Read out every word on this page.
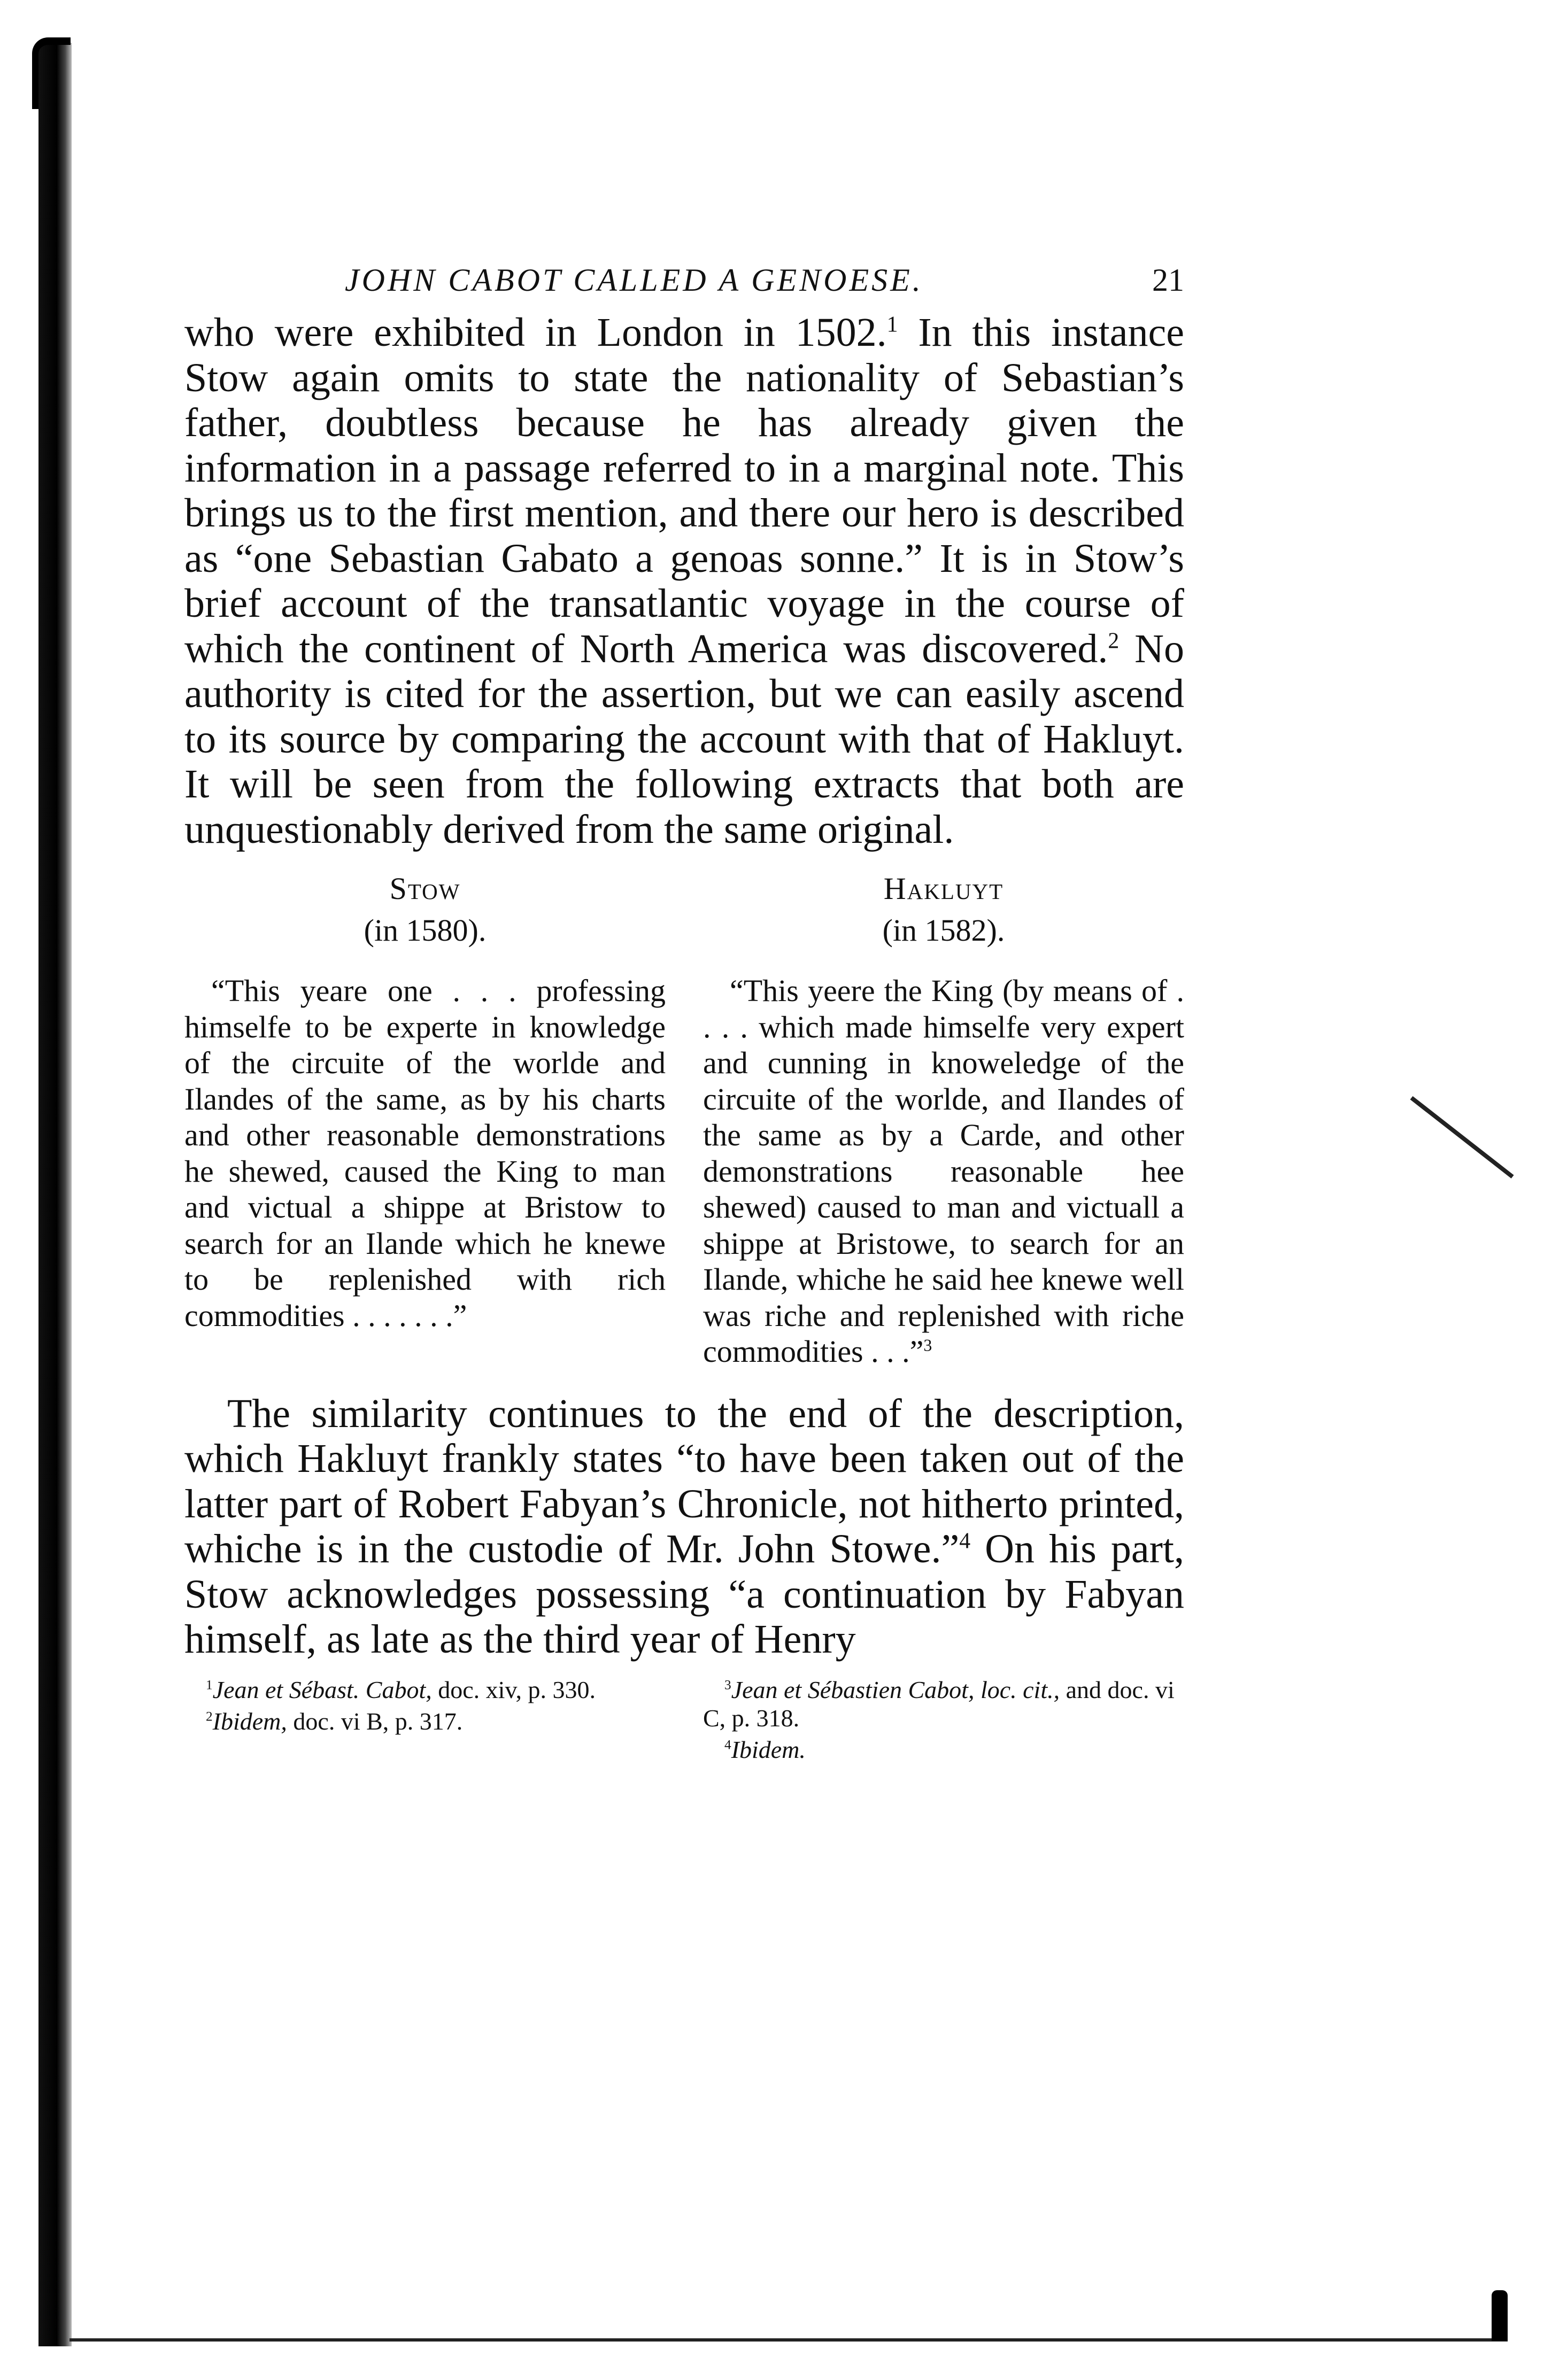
JOHN CABOT CALLED A GENOESE.	21

who were exhibited in London in 1502.$^1$ In this instance Stow again omits to state the nationality of Sebastian’s father, doubtless because he has already given the information in a passage referred to in a marginal note. This brings us to the first mention, and there our hero is described as “one Sebastian Gabato a genoas sonne.” It is in Stow’s brief account of the transatlantic voyage in the course of which the continent of North America was discovered.$^2$ No authority is cited for the assertion, but we can easily ascend to its source by comparing the account with that of Hakluyt. It will be seen from the following extracts that both are unquestionably derived from the same original.

Stow
(in 1580).

“This yeare one . . . professing himselfe to be experte in knowledge of the circuite of the worlde and Ilandes of the same, as by his charts and other reasonable demonstrations he shewed, caused the King to man and victual a shippe at Bristow to search for an Ilande which he knewe to be replenished with rich commodities . . . . . . .”

Hakluyt
(in 1582).

“This yeere the King (by means of . . . . which made himselfe very expert and cunning in knoweledge of the circuite of the worlde, and Ilandes of the same as by a Carde, and other demonstrations reasonable hee shewed) caused to man and victuall a shippe at Bristowe, to search for an Ilande, whiche he said hee knewe well was riche and replenished with riche commodities . . .”$^3$

The similarity continues to the end of the description, which Hakluyt frankly states “to have been taken out of the latter part of Robert Fabyan’s Chronicle, not hitherto printed, whiche is in the custodie of Mr. John Stowe.”$^4$ On his part, Stow acknowledges possessing “a continuation by Fabyan himself, as late as the third year of Henry

$^1$Jean et Sébast. Cabot, doc. xiv, p. 330.

$^2$Ibidem, doc. vi B, p. 317.

$^3$Jean et Sébastien Cabot, loc. cit., and doc. vi C, p. 318.

$^4$Ibidem.
